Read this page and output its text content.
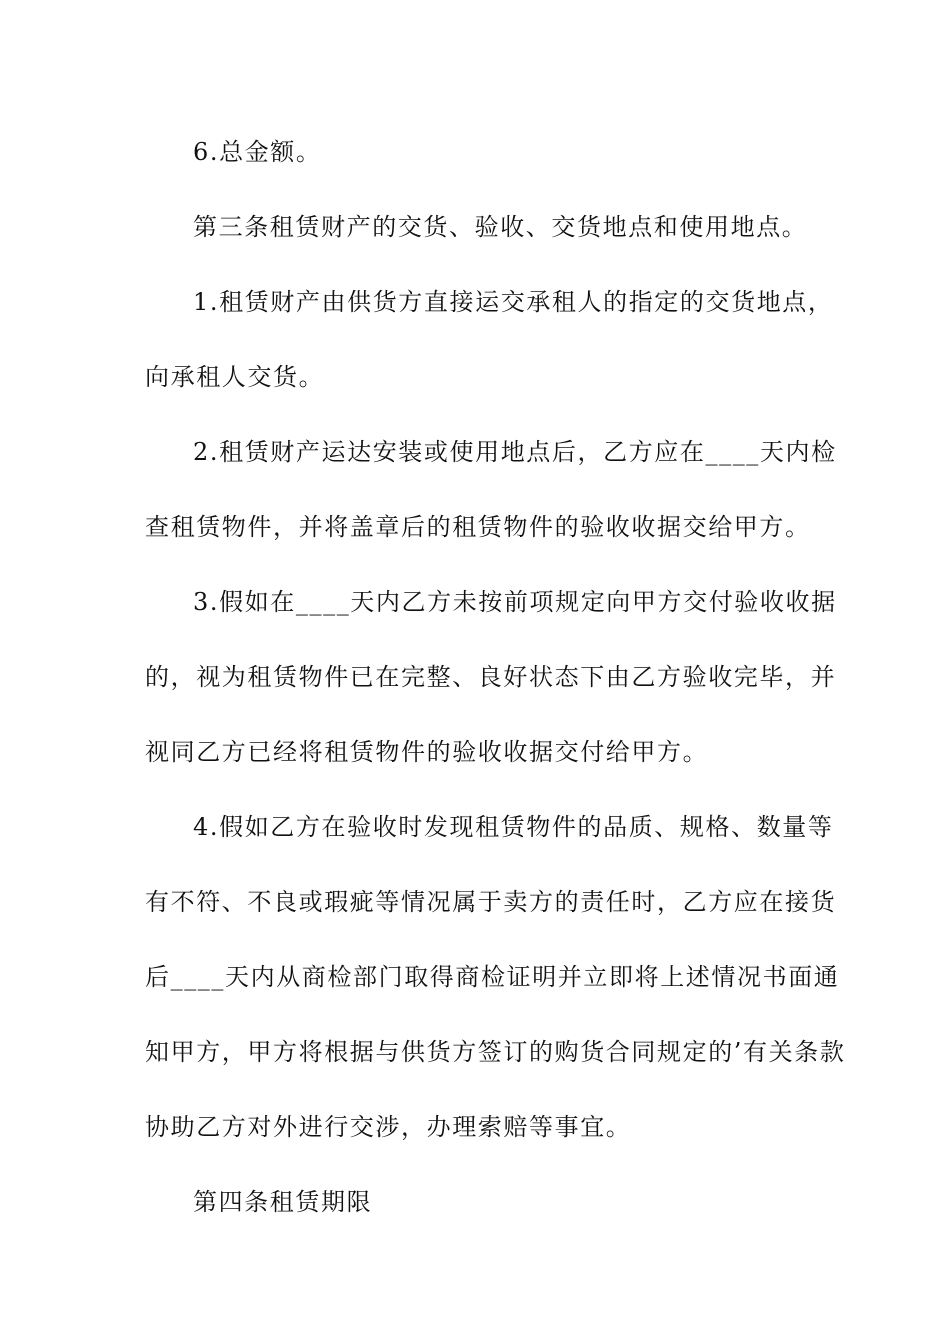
6.总金额。
第三条租赁财产的交货、验收、交货地点和使用地点。
1.租赁财产由供货方直接运交承租人的指定的交货地点，
向承租人交货。
2.租赁财产运达安装或使用地点后，乙方应在____天内检
查租赁物件，并将盖章后的租赁物件的验收收据交给甲方。
3.假如在____天内乙方未按前项规定向甲方交付验收收据
的，视为租赁物件已在完整、良好状态下由乙方验收完毕，并
视同乙方已经将租赁物件的验收收据交付给甲方。
4.假如乙方在验收时发现租赁物件的品质、规格、数量等
有不符、不良或瑕疵等情况属于卖方的责任时，乙方应在接货
后____天内从商检部门取得商检证明并立即将上述情况书面通
知甲方，甲方将根据与供货方签订的购货合同规定的’有关条款
协助乙方对外进行交涉，办理索赔等事宜。
第四条租赁期限
